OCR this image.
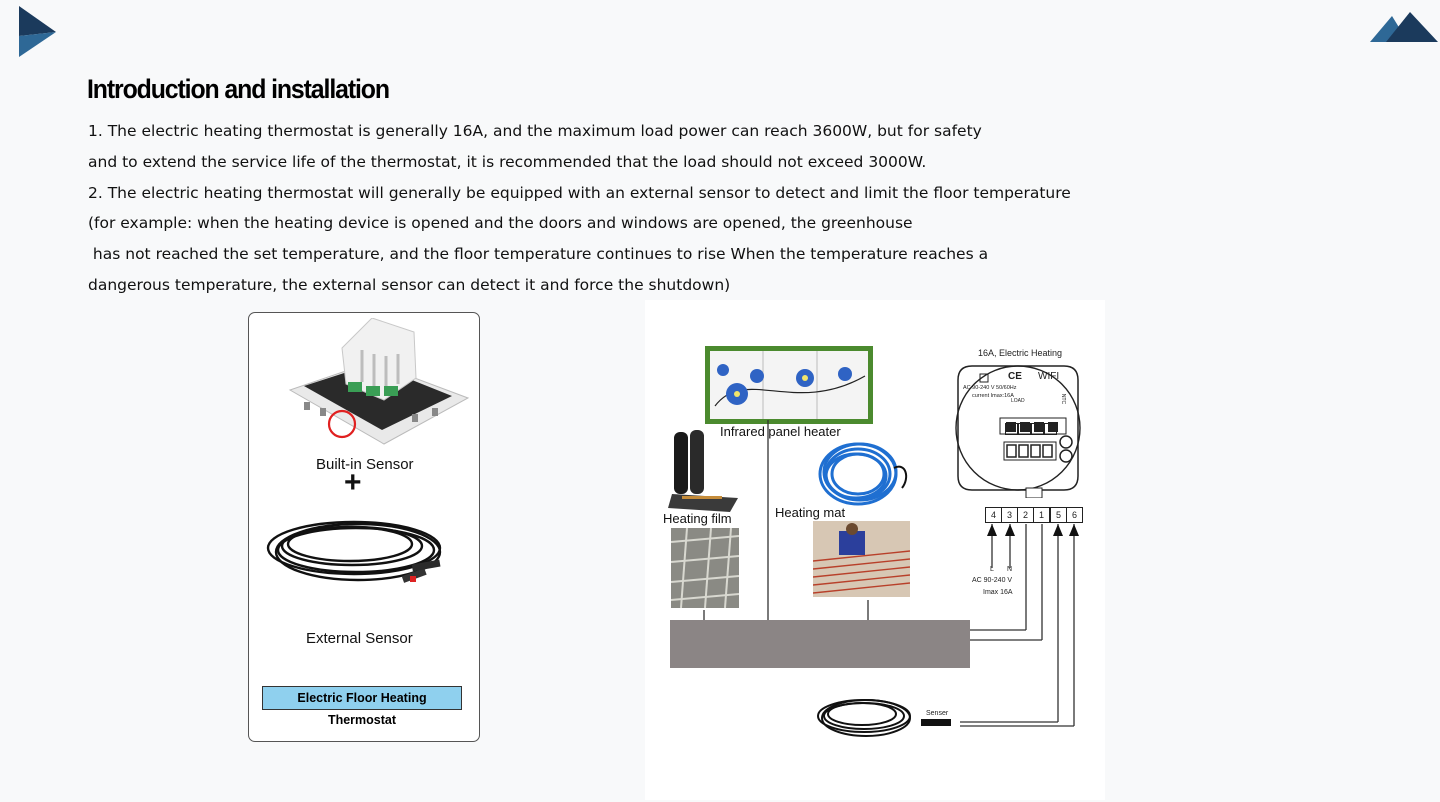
Introduction and installation
1. The electric heating thermostat is generally 16A, and the maximum load power can reach 3600W, but for safety
and to extend the service life of the thermostat, it is recommended that the load should not exceed 3000W.
2. The electric heating thermostat will generally be equipped with an external sensor to detect and limit the floor temperature
(for example: when the heating device is opened and the doors and windows are opened, the greenhouse
has not reached the set temperature, and the floor temperature continues to rise When the temperature reaches a
dangerous temperature, the external sensor can detect it and force the shutdown)
Built-in Sensor
+
External Sensor
Electric Floor Heating Thermostat
Infrared panel heater
Heating film	Heating mat
16A, Electric Heating
CE WIFI
AC 90-240 V 50/60Hz
current Imax:16A
LOAD	NTC
1	2	3	4
4	3	2	1	5	6
L N
AC 90-240 V
Imax 16A
Senser
